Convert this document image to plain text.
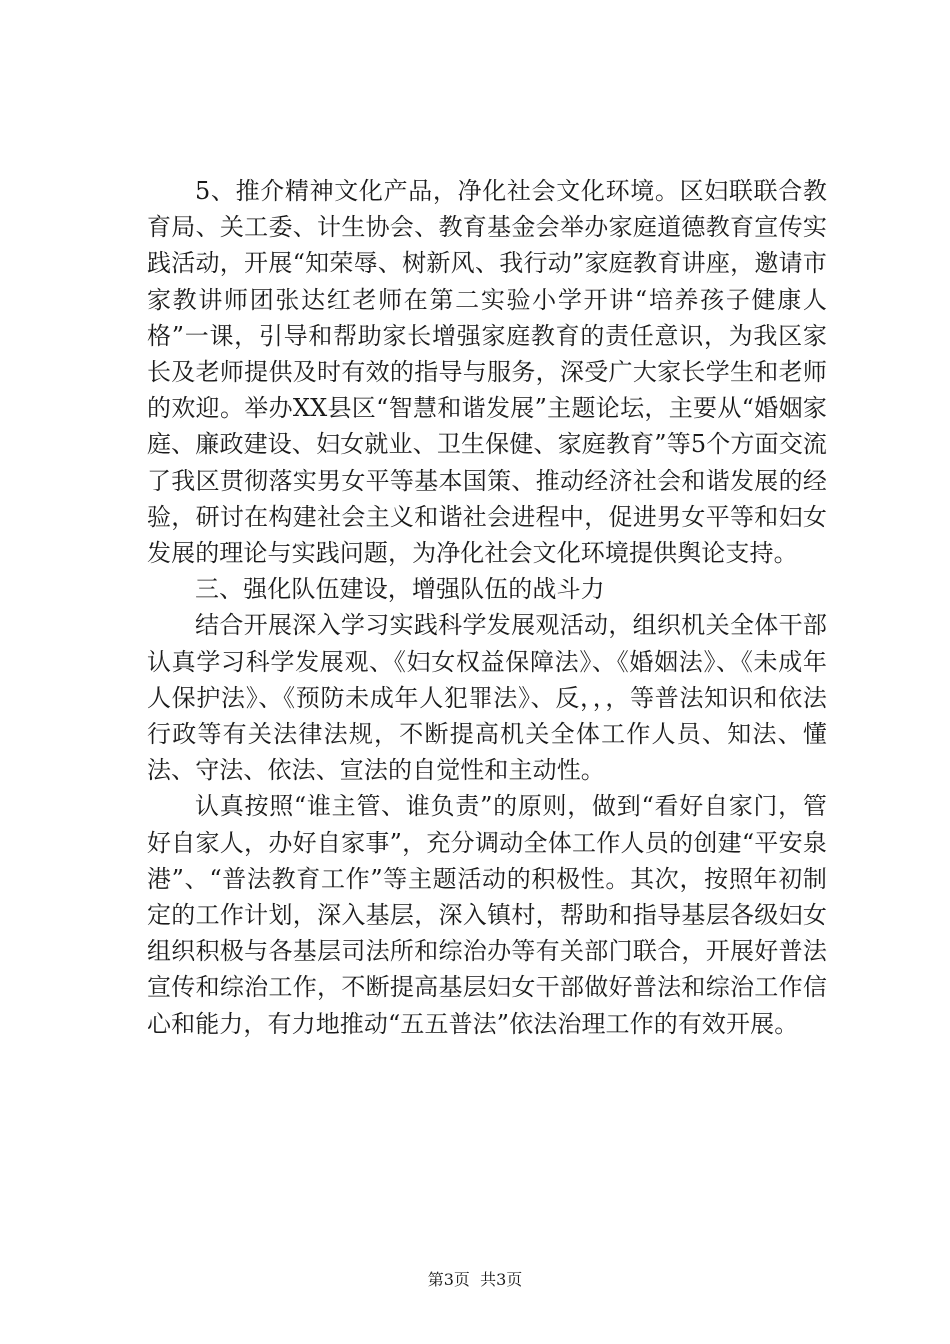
5、推介精神文化产品，净化社会文化环境。区妇联联合教育局、关工委、计生协会、教育基金会举办家庭道德教育宣传实践活动，开展“知荣辱、树新风、我行动”家庭教育讲座，邀请市家教讲师团张达红老师在第二实验小学开讲“培养孩子健康人格”一课，引导和帮助家长增强家庭教育的责任意识，为我区家长及老师提供及时有效的指导与服务，深受广大家长学生和老师的欢迎。举办XX县区“智慧和谐发展”主题论坛，主要从“婚姻家庭、廉政建设、妇女就业、卫生保健、家庭教育”等5个方面交流了我区贯彻落实男女平等基本国策、推动经济社会和谐发展的经验，研讨在构建社会主义和谐社会进程中，促进男女平等和妇女发展的理论与实践问题，为净化社会文化环境提供舆论支持。

三、强化队伍建设，增强队伍的战斗力

结合开展深入学习实践科学发展观活动，组织机关全体干部认真学习科学发展观、《妇女权益保障法》、《婚姻法》、《未成年人保护法》、《预防未成年人犯罪法》、反，，，等普法知识和依法行政等有关法律法规，不断提高机关全体工作人员、知法、懂法、守法、依法、宣法的自觉性和主动性。

认真按照“谁主管、谁负责”的原则，做到“看好自家门，管好自家人，办好自家事”，充分调动全体工作人员的创建“平安泉港”、“普法教育工作”等主题活动的积极性。其次，按照年初制定的工作计划，深入基层，深入镇村，帮助和指导基层各级妇女组织积极与各基层司法所和综治办等有关部门联合，开展好普法宣传和综治工作，不断提高基层妇女干部做好普法和综治工作信心和能力，有力地推动“五五普法”依法治理工作的有效开展。

第3页  共3页
